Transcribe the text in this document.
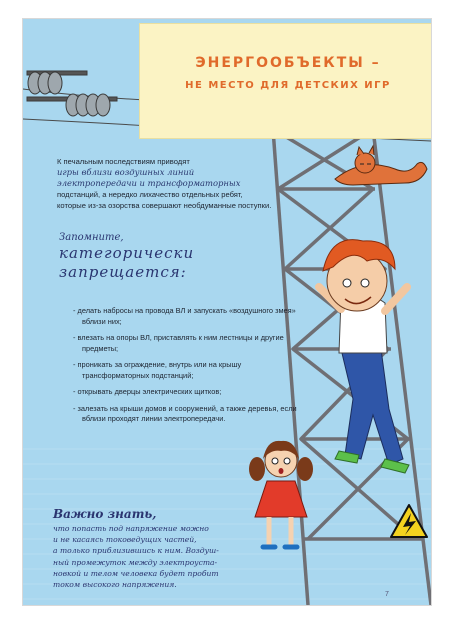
ЭНЕРГООБЪЕКТЫ –
НЕ МЕСТО ДЛЯ ДЕТСКИХ ИГР
К печальным последствиям приводят
игры вблизи воздушных линий
электропередачи и трансформаторных
подстанций, а нередко лихачество отдельных ребят,
которые из-за озорства совершают необдуманные поступки.
Запомните,
категорически
запрещается:
- делать набросы на провода ВЛ и запускать «воздушного змея» вблизи них;
- влезать на опоры ВЛ, приставлять к ним лестницы и другие предметы;
- проникать за ограждение, внутрь или на крышу трансформаторных подстанций;
- открывать дверцы электрических щитков;
- залезать на крыши домов и сооружений, а также деревья, если вблизи проходят линии электропередачи.
Важно знать,
что попасть под напряжение можно
и не касаясь токоведущих частей,
а только приблизившись к ним. Воздуш-
ный промежуток между электроуста-
новкой и телом человека будет пробит
током высокого напряжения.
7
